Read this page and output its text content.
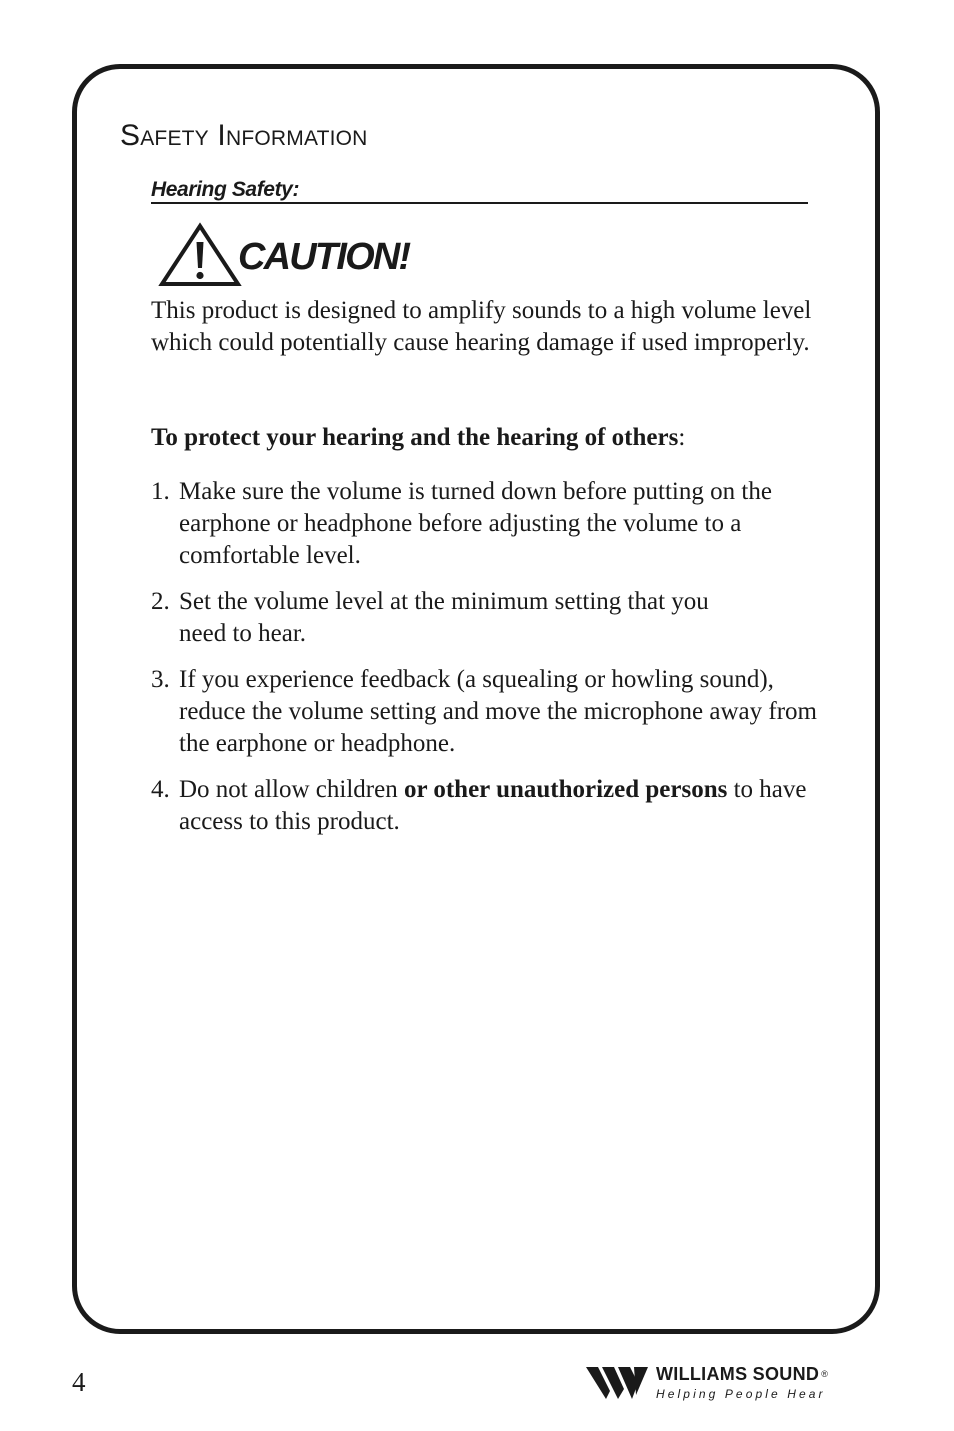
Safety Information
Hearing Safety:
CAUTION!

This product is designed to amplify sounds to a high volume level which could potentially cause hearing damage if used improperly.

To protect your hearing and the hearing of others:

1. Make sure the volume is turned down before putting on the earphone or headphone before adjusting the volume to a comfortable level.
2. Set the volume level at the minimum setting that you
need to hear.
3. If you experience feedback (a squealing or howling sound), reduce the volume setting and move the microphone away from the earphone or headphone.
4. Do not allow children or other unauthorized persons to have access to this product.
4	WILLIAMS SOUND ®
Helping People Hear
